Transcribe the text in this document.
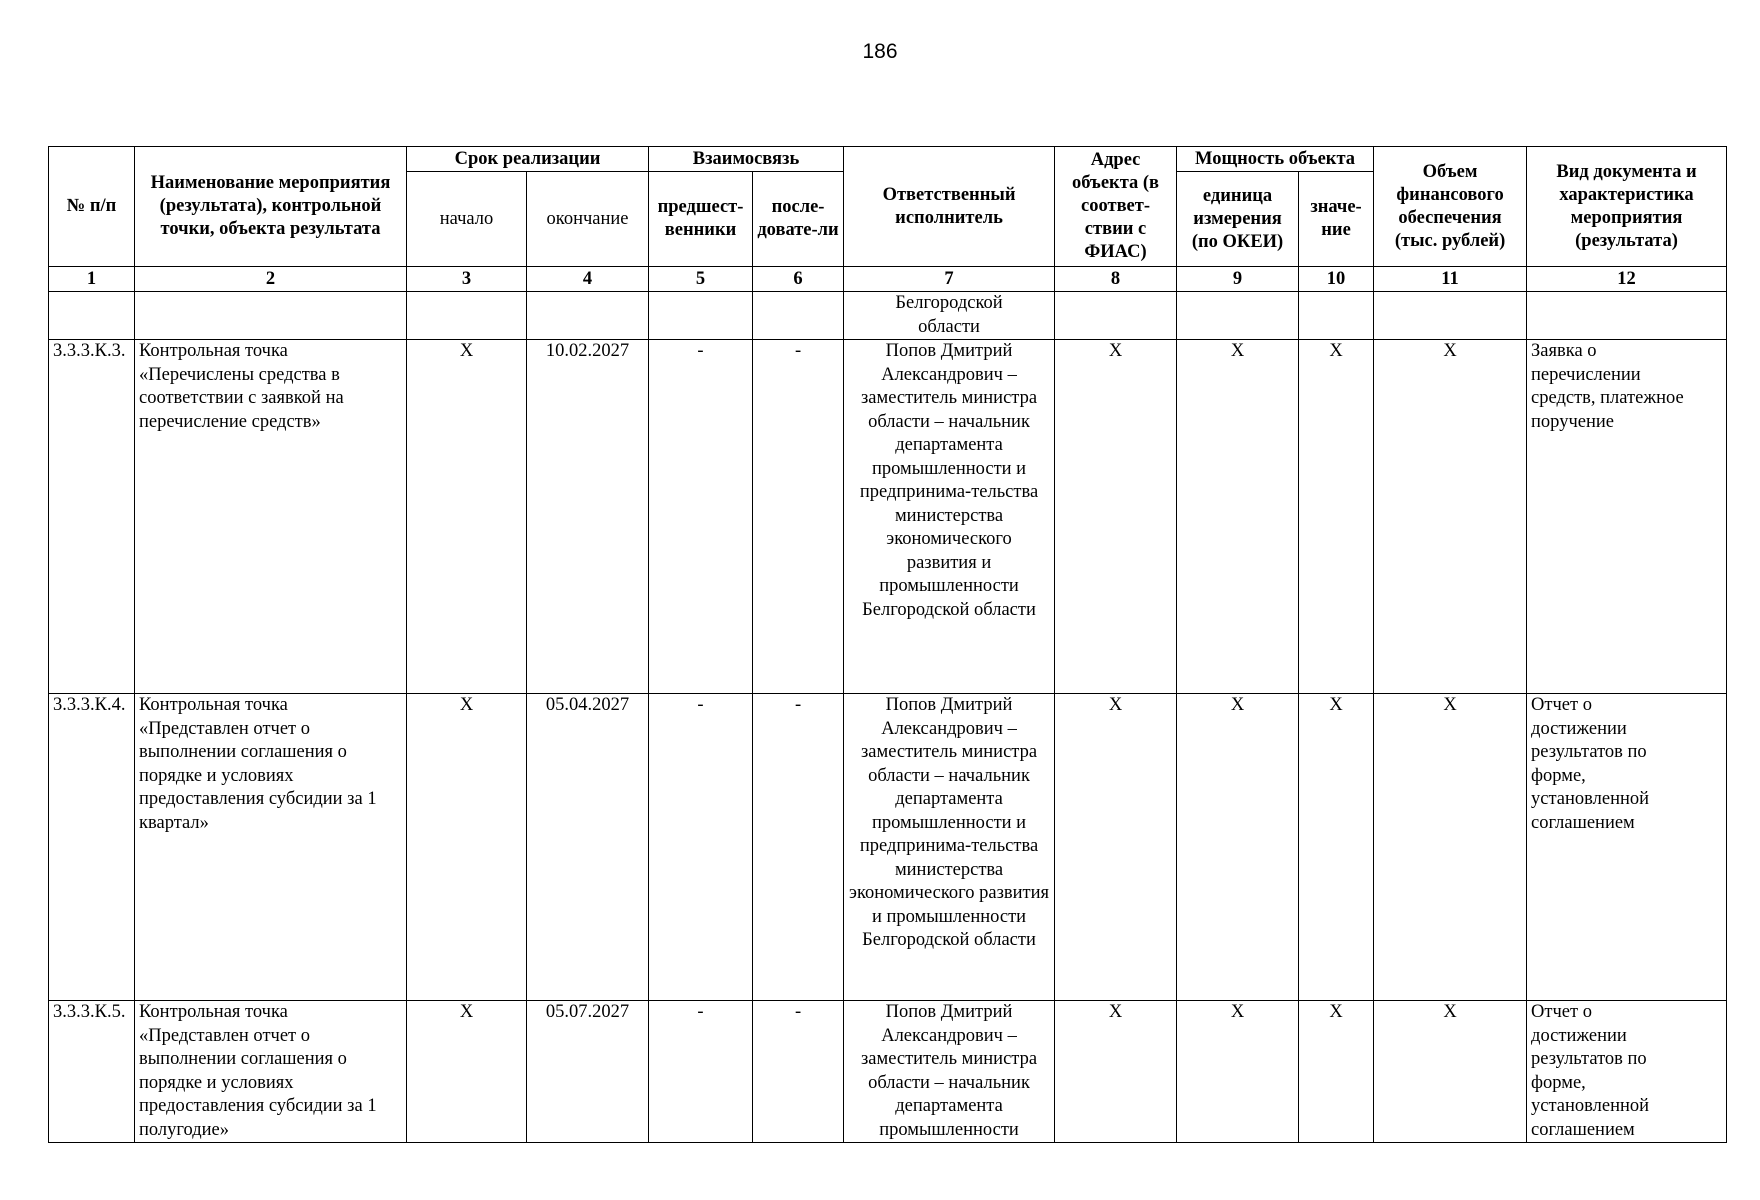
186
№ п/п	Наименование мероприятия (результата), контрольной точки, объекта результата	Срок реализации		Взаимосвязь		Ответственный исполнитель	Адрес объекта (в соответ-ствии с ФИАС)	Мощность объекта		Объем финансового обеспечения (тыс. рублей)	Вид документа и характеристика мероприятия (результата)
		начало	окончание	предшест-венники	после-довате-ли			единица измерения (по ОКЕИ)	значе-ние		
1	2	3	4	5	6	7	8	9	10	11	12
						Белгородской области					
3.3.3.К.3.	Контрольная точка «Перечислены средства в соответствии с заявкой на перечисление средств»	X	10.02.2027	-	-	Попов Дмитрий Александрович – заместитель министра области – начальник департамента промышленности и предпринима-тельства министерства экономического развития и промышленности Белгородской области	X	X	X	X	Заявка о перечислении средств, платежное поручение
3.3.3.К.4.	Контрольная точка «Представлен отчет о выполнении соглашения о порядке и условиях предоставления субсидии за 1 квартал»	X	05.04.2027	-	-	Попов Дмитрий Александрович – заместитель министра области – начальник департамента промышленности и предпринима-тельства министерства экономического развития и промышленности Белгородской области	X	X	X	X	Отчет о достижении результатов по форме, установленной соглашением
3.3.3.К.5.	Контрольная точка «Представлен отчет о выполнении соглашения о порядке и условиях предоставления субсидии за 1 полугодие»	X	05.07.2027	-	-	Попов Дмитрий Александрович – заместитель министра области – начальник департамента промышленности	X	X	X	X	Отчет о достижении результатов по форме, установленной соглашением
